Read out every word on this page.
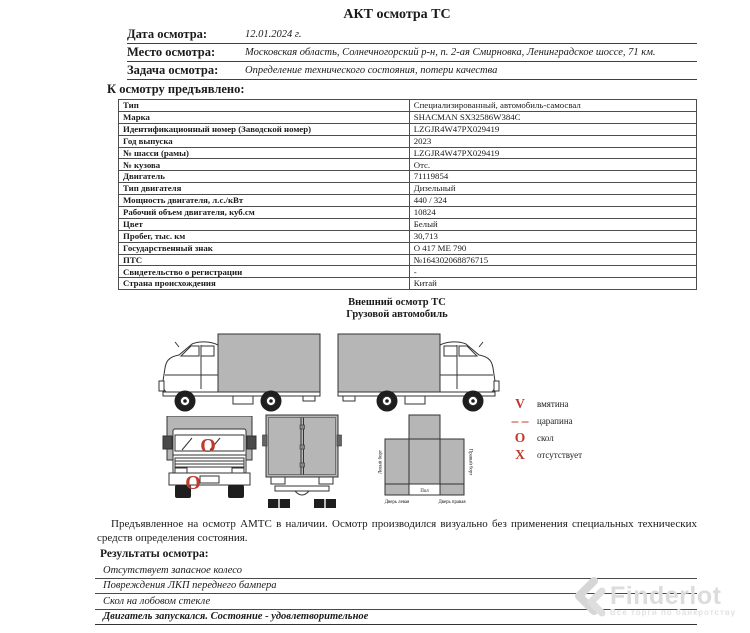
АКТ осмотра ТС
Дата осмотра:	12.01.2024 г.
Место осмотра:	Московская область, Солнечногорский р-н, п. 2-ая Смирновка, Ленинградское шоссе, 71 км.
Задача осмотра:	Определение технического состояния, потери качества
К осмотру предъявлено:
Тип	Специализированный, автомобиль-самосвал
Марка	SHACMAN SX32586W384C
Идентификационный номер (Заводской номер)	LZGJR4W47PX029419
Год выпуска	2023
№ шасси (рамы)	LZGJR4W47PX029419
№ кузова	Отс.
Двигатель	71119854
Тип двигателя	Дизельный
Мощность двигателя, л.с./кВт	440 / 324
Рабочий объем двигателя, куб.см	10824
Цвет	Белый
Пробег, тыс. км	30,713
Государственный знак	О 417 МЕ 790
ПТС	№164302068876715
Свидетельство о регистрации	-
Страна происхождения	Китай
Внешний осмотр ТС
Грузовой автомобиль
O
O	Пол
Дверь левая	Дверь правая
Левый борт	Правый борт
V	вмятина
– – царапина
O	скол
X	отсутствует
Предъявленное на осмотр АМТС в наличии. Осмотр производился визуально без применения специальных технических средств определения состояния.
Результаты осмотра:
Отсутствует запасное колесо
Повреждения ЛКП переднего бампера
Скол на лобовом стекле
Двигатель запускался. Состояние - удовлетворительное
Finderlot
Все торги по банкротству
